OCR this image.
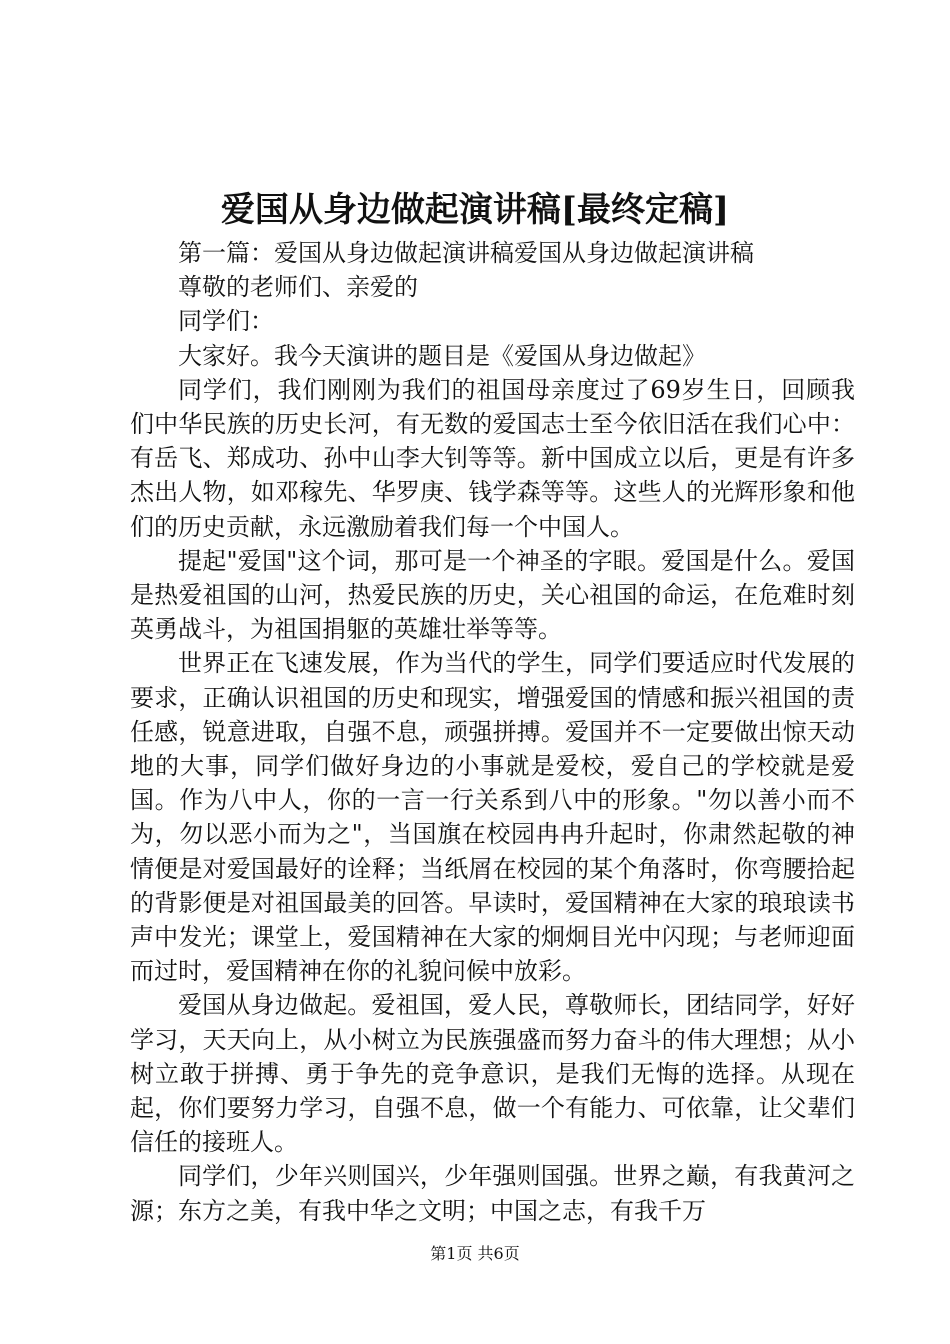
爱国从身边做起演讲稿[最终定稿]

第一篇：爱国从身边做起演讲稿爱国从身边做起演讲稿

尊敬的老师们、亲爱的

同学们：

大家好。我今天演讲的题目是《爱国从身边做起》

同学们，我们刚刚为我们的祖国母亲度过了69岁生日，回顾我们中华民族的历史长河，有无数的爱国志士至今依旧活在我们心中：有岳飞、郑成功、孙中山李大钊等等。新中国成立以后，更是有许多杰出人物，如邓稼先、华罗庚、钱学森等等。这些人的光辉形象和他们的历史贡献，永远激励着我们每一个中国人。

提起"爱国"这个词，那可是一个神圣的字眼。爱国是什么。爱国是热爱祖国的山河，热爱民族的历史，关心祖国的命运，在危难时刻英勇战斗，为祖国捐躯的英雄壮举等等。

世界正在飞速发展，作为当代的学生，同学们要适应时代发展的要求，正确认识祖国的历史和现实，增强爱国的情感和振兴祖国的责任感，锐意进取，自强不息，顽强拼搏。爱国并不一定要做出惊天动地的大事，同学们做好身边的小事就是爱校，爱自己的学校就是爱国。作为八中人，你的一言一行关系到八中的形象。"勿以善小而不为，勿以恶小而为之"，当国旗在校园冉冉升起时，你肃然起敬的神情便是对爱国最好的诠释；当纸屑在校园的某个角落时，你弯腰拾起的背影便是对祖国最美的回答。早读时，爱国精神在大家的琅琅读书声中发光；课堂上，爱国精神在大家的炯炯目光中闪现；与老师迎面而过时，爱国精神在你的礼貌问候中放彩。

爱国从身边做起。爱祖国，爱人民，尊敬师长，团结同学，好好学习，天天向上，从小树立为民族强盛而努力奋斗的伟大理想；从小树立敢于拼搏、勇于争先的竞争意识，是我们无悔的选择。从现在起，你们要努力学习，自强不息，做一个有能力、可依靠，让父辈们信任的接班人。

同学们，少年兴则国兴，少年强则国强。世界之巅，有我黄河之源；东方之美，有我中华之文明；中国之志，有我千万

第1页 共6页
